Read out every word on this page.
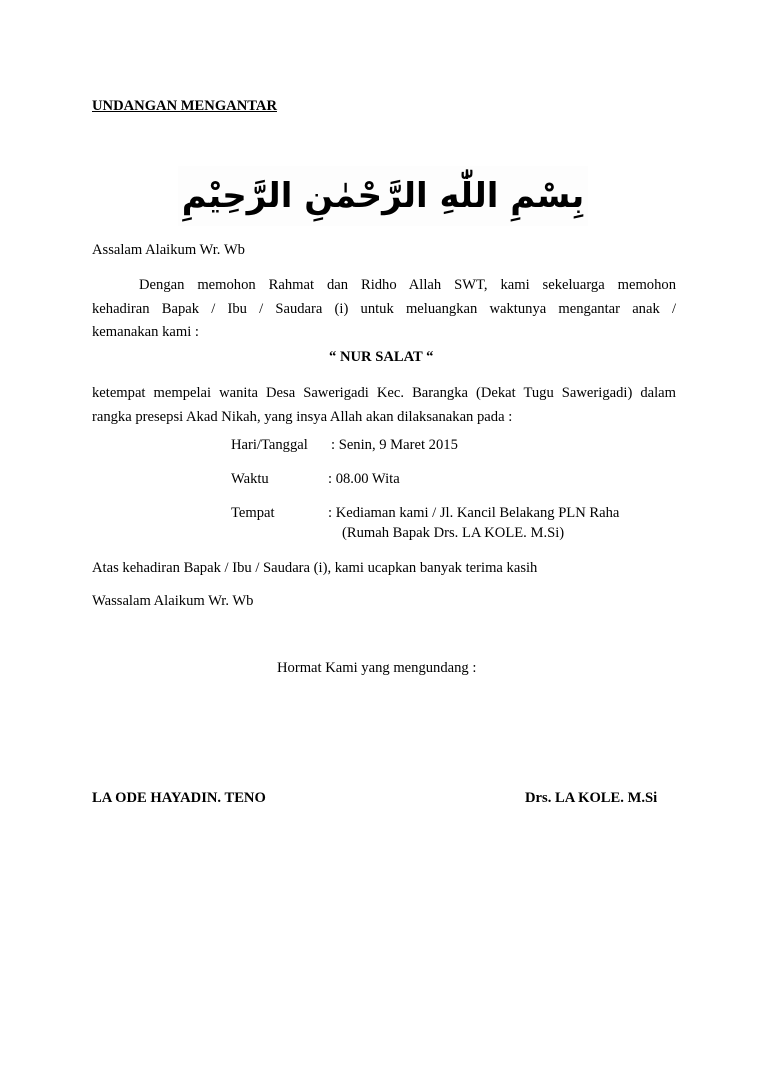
UNDANGAN MENGANTAR
بِسْمِ اللّٰهِ الرَّحْمٰنِ الرَّحِيْمِ
Assalam Alaikum Wr. Wb
Dengan memohon Rahmat dan Ridho Allah SWT, kami sekeluarga memohon
kehadiran Bapak / Ibu / Saudara (i) untuk meluangkan waktunya mengantar anak /
kemanakan kami :
“ NUR SALAT “
ketempat mempelai wanita Desa Sawerigadi Kec. Barangka (Dekat Tugu Sawerigadi) dalam
rangka presepsi Akad Nikah, yang insya Allah akan dilaksanakan pada :
Hari/Tanggal : Senin, 9 Maret 2015
Waktu	: 08.00 Wita
Tempat	: Kediaman kami / Jl. Kancil Belakang PLN Raha
(Rumah Bapak Drs. LA KOLE. M.Si)
Atas kehadiran Bapak / Ibu / Saudara (i), kami ucapkan banyak terima kasih
Wassalam Alaikum Wr. Wb
Hormat Kami yang mengundang :
LA ODE HAYADIN. TENO	Drs. LA KOLE. M.Si
